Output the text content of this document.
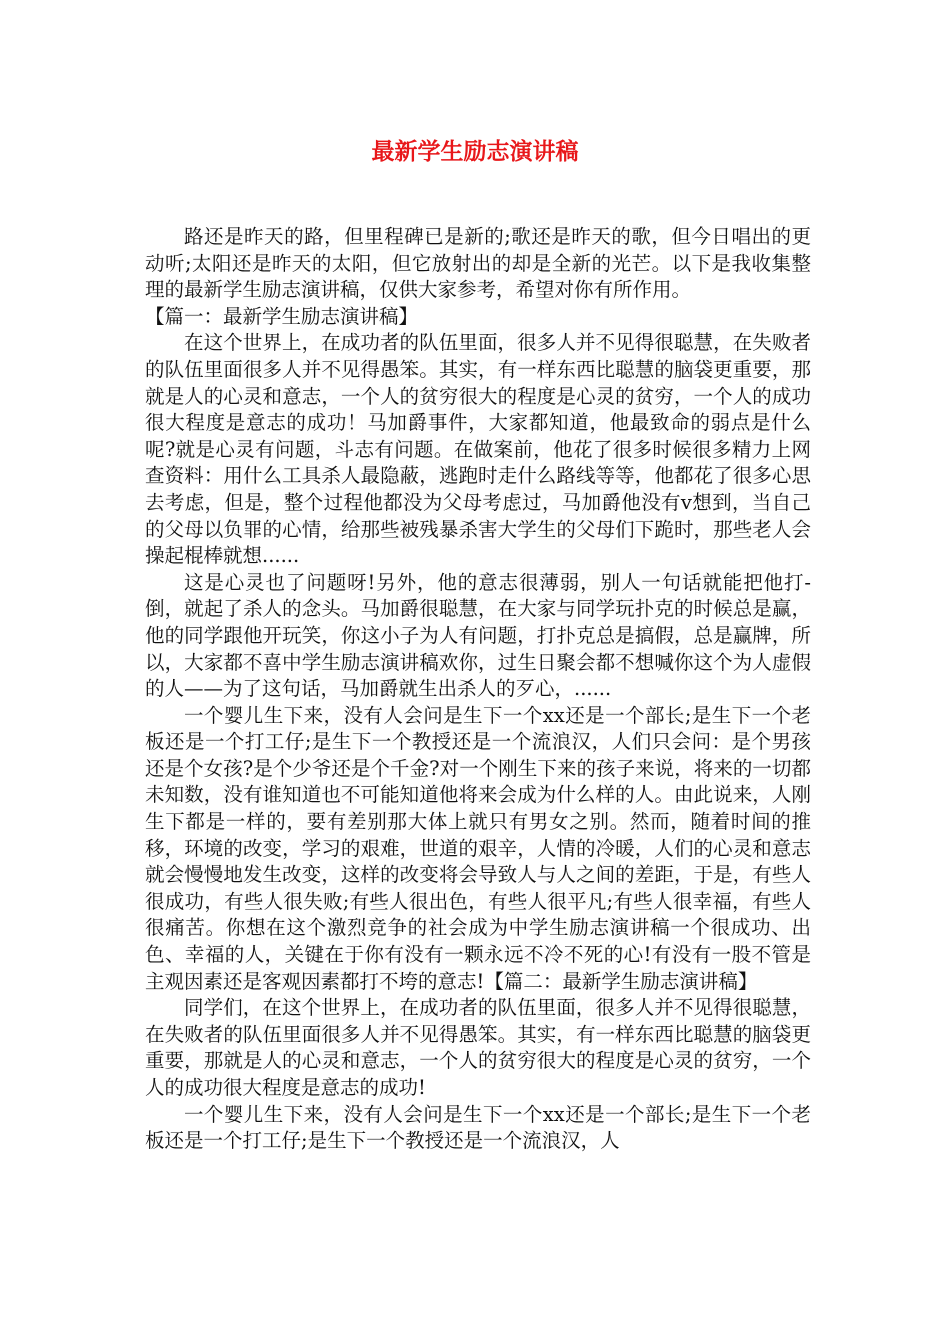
最新学生励志演讲稿

路还是昨天的路，但里程碑已是新的;歌还是昨天的歌，但今日唱出的更动听;太阳还是昨天的太阳，但它放射出的却是全新的光芒。以下是我收集整理的最新学生励志演讲稿，仅供大家参考，希望对你有所作用。

【篇一：最新学生励志演讲稿】

在这个世界上，在成功者的队伍里面，很多人并不见得很聪慧，在失败者的队伍里面很多人并不见得愚笨。其实，有一样东西比聪慧的脑袋更重要，那就是人的心灵和意志，一个人的贫穷很大的程度是心灵的贫穷，一个人的成功很大程度是意志的成功！马加爵事件，大家都知道，他最致命的弱点是什么呢?就是心灵有问题，斗志有问题。在做案前，他花了很多时候很多精力上网查资料：用什么工具杀人最隐蔽，逃跑时走什么路线等等，他都花了很多心思去考虑，但是，整个过程他都没为父母考虑过，马加爵他没有v想到，当自己的父母以负罪的心情，给那些被残暴杀害大学生的父母们下跪时，那些老人会操起棍棒就想......

这是心灵也了问题呀!另外，他的意志很薄弱，别人一句话就能把他打-倒，就起了杀人的念头。马加爵很聪慧，在大家与同学玩扑克的时候总是赢，他的同学跟他开玩笑，你这小子为人有问题，打扑克总是搞假，总是赢牌，所以，大家都不喜中学生励志演讲稿欢你，过生日聚会都不想喊你这个为人虚假的人——为了这句话，马加爵就生出杀人的歹心，......

一个婴儿生下来，没有人会问是生下一个xx还是一个部长;是生下一个老板还是一个打工仔;是生下一个教授还是一个流浪汉，人们只会问：是个男孩还是个女孩?是个少爷还是个千金?对一个刚生下来的孩子来说，将来的一切都未知数，没有谁知道也不可能知道他将来会成为什么样的人。由此说来，人刚生下都是一样的，要有差别那大体上就只有男女之别。然而，随着时间的推移，环境的改变，学习的艰难，世道的艰辛，人情的冷暖，人们的心灵和意志就会慢慢地发生改变，这样的改变将会导致人与人之间的差距，于是，有些人很成功，有些人很失败;有些人很出色，有些人很平凡;有些人很幸福，有些人很痛苦。你想在这个激烈竞争的社会成为中学生励志演讲稿一个很成功、出色、幸福的人，关键在于你有没有一颗永远不冷不死的心!有没有一股不管是主观因素还是客观因素都打不垮的意志!【篇二：最新学生励志演讲稿】

同学们，在这个世界上，在成功者的队伍里面，很多人并不见得很聪慧，在失败者的队伍里面很多人并不见得愚笨。其实，有一样东西比聪慧的脑袋更重要，那就是人的心灵和意志，一个人的贫穷很大的程度是心灵的贫穷，一个人的成功很大程度是意志的成功!

一个婴儿生下来，没有人会问是生下一个xx还是一个部长;是生下一个老板还是一个打工仔;是生下一个教授还是一个流浪汉，人
